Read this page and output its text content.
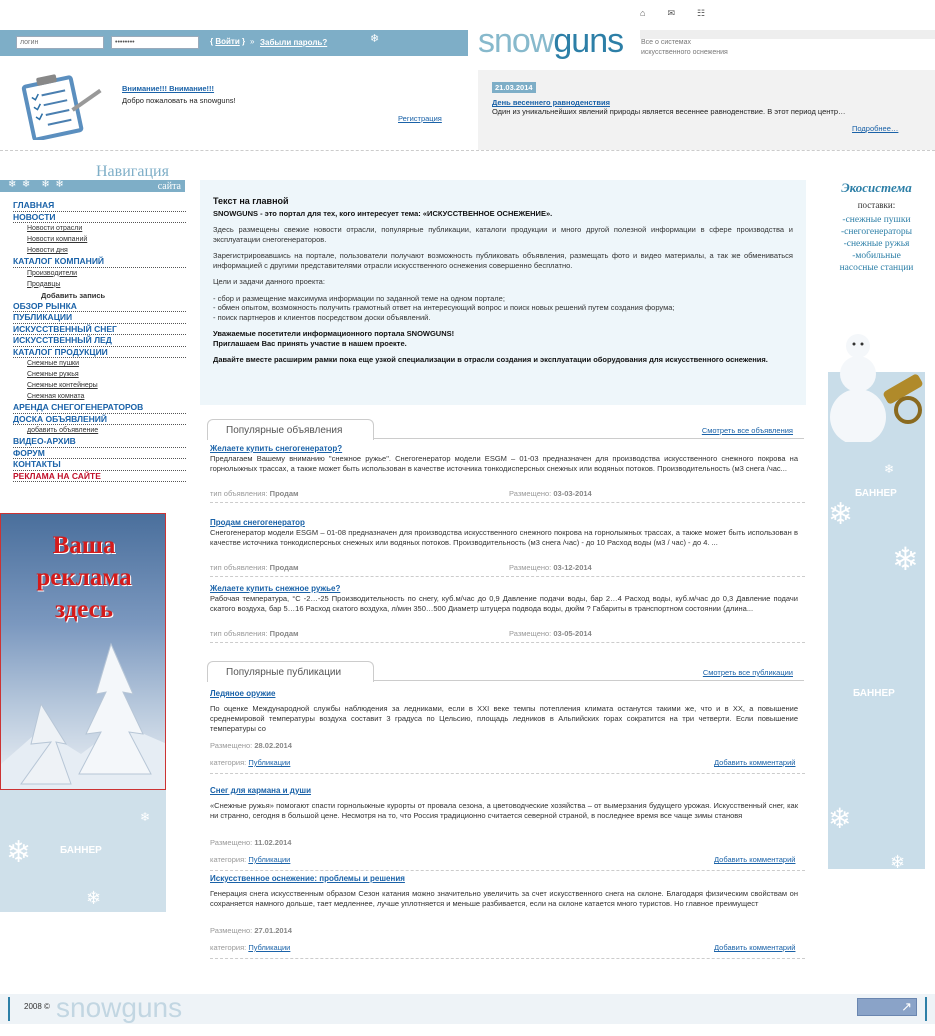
⌂ ✉ ☷
логин
••••••••
{ Войти } » Забыли пароль?	❄	snowguns	Все о системах
искусственного оснежения
Внимание!!! Внимание!!!
Добро пожаловать на snowguns!
Регистрация
21.03.2014
День весеннего равноденствия
Один из уникальнейших явлений природы является весеннее равноденствие. В этот период центр…
Подробнее…
Навигация
❄  ❄    ❄  ❄	сайта
ГЛАВНАЯ
НОВОСТИ
Новости отрасли
Новости компаний
Новости дня
КАТАЛОГ КОМПАНИЙ
Производители
Продавцы
Добавить запись
ОБЗОР РЫНКА
ПУБЛИКАЦИИ
ИСКУССТВЕННЫЙ СНЕГ
ИСКУССТВЕННЫЙ ЛЕД
КАТАЛОГ ПРОДУКЦИИ
Снежные пушки
Снежные ружья
Снежные контейнеры
Снежная комната
АРЕНДА СНЕГОГЕНЕРАТОРОВ
ДОСКА ОБЪЯВЛЕНИЙ
добавить объявление
ВИДЕО-АРХИВ
ФОРУМ
КОНТАКТЫ
РЕКЛАМА НА САЙТЕ
Ваша
реклама
здесь
БАННЕР
❄
❄
❄
Экосистема
поставки:
-снежные пушки
-снегогенераторы
-снежные ружья
-мобильные
насосные станции
БАННЕР
БАННЕР
❄
❄
❄
❄
❄
Текст на главной

SNOWGUNS - это портал для тех, кого интересует тема: «ИСКУССТВЕННОЕ ОСНЕЖЕНИЕ».

Здесь размещены свежие новости отрасли, популярные публикации, каталоги продукции и много другой полезной информации в сфере производства и эксплуатации снегогенераторов.

Зарегистрировавшись на портале, пользователи получают возможность публиковать объявления, размещать фото и видео материалы, а так же обмениваться информацией с другими представителями отрасли искусственного оснежения совершенно бесплатно.

Цели и задачи данного проекта:

- сбор и размещение максимума информации по заданной теме на одном портале;
- обмен опытом, возможность получить грамотный ответ на интересующий вопрос и поиск новых решений путем создания форума;
- поиск партнеров и клиентов посредством доски объявлений.

Уважаемые посетители информационного портала SNOWGUNS!
Приглашаем Вас принять участие в нашем проекте.

Давайте вместе расширим рамки пока еще узкой специализации в отрасли создания и эксплуатации оборудования для искусственного оснежения.

Популярные объявления	Смотреть все объявления
Желаете купить снегогенератор?
Предлагаем Вашему вниманию "снежное ружье". Снегогенератор модели ESGM – 01-03 предназначен для производства искусственного снежного покрова на горнолыжных трассах, а также может быть использован в качестве источника тонкодисперсных снежных или водяных потоков. Производительность (м3 снега /час...
тип объявления: Продам	Размещено: 03-03-2014
Продам снегогенератор
Снегогенератор модели ESGM – 01-08 предназначен для производства искусственного снежного покрова на горнолыжных трассах, а также может быть использован в качестве источника тонкодисперсных снежных или водяных потоков. Производительность (м3 снега /час) - до 10 Расход воды (м3 / час) - до 4. ...
тип объявления: Продам	Размещено: 03-12-2014
Желаете купить снежное ружье?
Рабочая температура, °C -2…-25 Производительность по снегу, куб.м/час до 0,9 Давление подачи воды, бар 2…4 Расход воды, куб.м/час до 0,3 Давление подачи скатого воздуха, бар 5…16 Расход скатого воздуха, л/мин 350…500 Диаметр штуцера подвода воды, дюйм ? Габариты в транспортном состоянии (длина...
тип объявления: Продам	Размещено: 03-05-2014
Популярные публикации	Смотреть все публикации
Ледяное оружие
По оценке Международной службы наблюдения за ледниками, если в XXI веке темпы потепления климата останутся такими же, что и в XX, а повышение среднемировой температуры воздуха составит 3 градуса по Цельсию, площадь ледников в Альпийских горах сократится на три четверти. Если повышение температуры со
Размещено: 28.02.2014
категория: Публикации	Добавить комментарий
Снег для кармана и души
«Снежные ружья» помогают спасти горнолыжные курорты от провала сезона, а цветоводческие хозяйства – от вымерзания будущего урожая. Искусственный снег, как ни странно, сегодня в большой цене. Несмотря на то, что Россия традиционно считается северной страной, в последнее время все чаще зимы становя
Размещено: 11.02.2014
категория: Публикации	Добавить комментарий
Искусственное оснежение: проблемы и решения
Генерация снега искусственным образом Сезон катания можно значительно увеличить за счет искусственного снега на склоне. Благодаря физическим свойствам он сохраняется намного дольше, тает медленнее, лучше уплотняется и меньше разбивается, если на склоне катается много туристов. Но главное преимущест
Размещено: 27.01.2014
категория: Публикации	Добавить комментарий
2008 © snowguns	↗
